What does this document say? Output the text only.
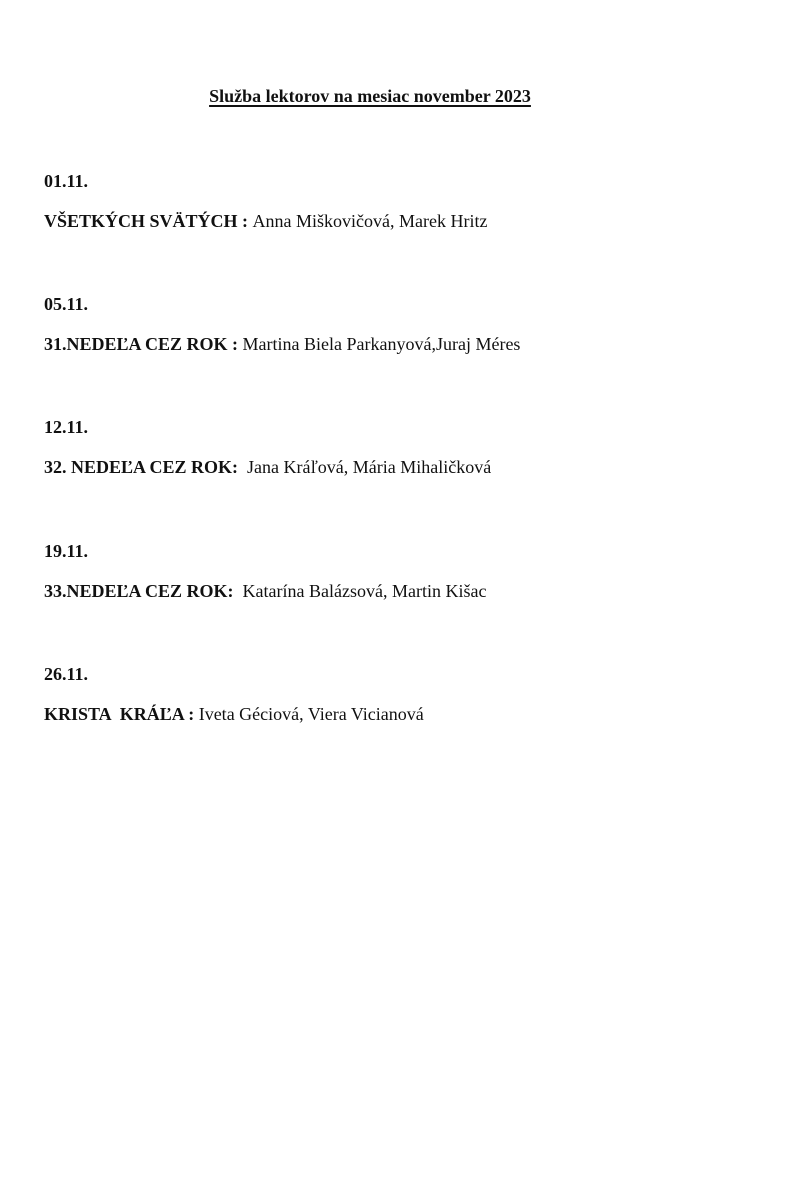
Služba lektorov na mesiac november 2023
01.11.
VŠETKÝCH SVÄTÝCH : Anna Miškovičová, Marek Hritz
05.11.
31.NEDEĽA CEZ ROK : Martina Biela Parkanyová,Juraj Méres
12.11.
32. NEDEĽA CEZ ROK:  Jana Kráľová, Mária Mihaličková
19.11.
33.NEDEĽA CEZ ROK:  Katarína Balázsová, Martin Kišac
26.11.
KRISTA  KRÁĽA : Iveta Géciová, Viera Vicianová
